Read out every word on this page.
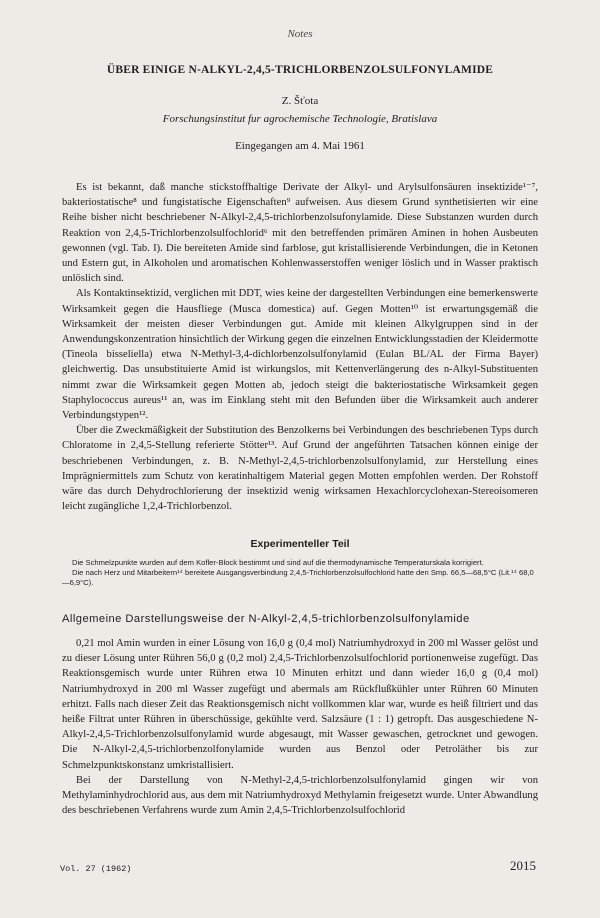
Notes
ÜBER EINIGE N-ALKYL-2,4,5-TRICHLORBENZOLSULFONYLAMIDE
Z. Šťota
Forschungsinstitut fur agrochemische Technologie, Bratislava
Eingegangen am 4. Mai 1961

Es ist bekannt, daß manche stickstoffhaltige Derivate der Alkyl- und Arylsulfonsäuren insektizide¹⁻⁷, bakteriostatische⁸ und fungistatische Eigenschaften⁹ aufweisen. Aus diesem Grund synthetisierten wir eine Reihe bisher nicht beschriebener N-Alkyl-2,4,5-trichlorbenzolsufonylamide. Diese Substanzen wurden durch Reaktion von 2,4,5-Trichlorbenzolsulfochlorid⁶ mit den betreffenden primären Aminen in hohen Ausbeuten gewonnen (vgl. Tab. I). Die bereiteten Amide sind farblose, gut kristallisierende Verbindungen, die in Ketonen und Estern gut, in Alkoholen und aromatischen Kohlenwasserstoffen weniger löslich und in Wasser praktisch unlöslich sind.

Als Kontaktinsektizid, verglichen mit DDT, wies keine der dargestellten Verbindungen eine bemerkenswerte Wirksamkeit gegen die Hausfliege (Musca domestica) auf. Gegen Motten¹⁰ ist erwartungsgemäß die Wirksamkeit der meisten dieser Verbindungen gut. Amide mit kleinen Alkylgruppen sind in der Anwendungskonzentration hinsichtlich der Wirkung gegen die einzelnen Entwicklungsstadien der Kleidermotte (Tineola bisseliella) etwa N-Methyl-3,4-dichlorbenzolsulfonylamid (Eulan BL/AL der Firma Bayer) gleichwertig. Das unsubstituierte Amid ist wirkungslos, mit Kettenverlängerung des n-Alkyl-Substituenten nimmt zwar die Wirksamkeit gegen Motten ab, jedoch steigt die bakteriostatische Wirksamkeit gegen Staphylococcus aureus¹¹ an, was im Einklang steht mit den Befunden über die Wirksamkeit auch anderer Verbindungstypen¹².

Über die Zweckmäßigkeit der Substitution des Benzolkerns bei Verbindungen des beschriebenen Typs durch Chloratome in 2,4,5-Stellung referierte Stötter¹³. Auf Grund der angeführten Tatsachen können einige der beschriebenen Verbindungen, z. B. N-Methyl-2,4,5-trichlorbenzolsulfonylamid, zur Herstellung eines Imprägniermittels zum Schutz von keratinhaltigem Material gegen Motten empfohlen werden. Der Rohstoff wäre das durch Dehydrochlorierung der insektizid wenig wirksamen Hexachlorcyclohexan-Stereoisomeren leicht zugängliche 1,2,4-Trichlorbenzol.

Experimenteller Teil

Die Schmelzpunkte wurden auf dem Kofler-Block bestimmt und sind auf die thermodynamische Temperaturskala korrigiert.

Die nach Herz und Mitarbeitern¹⁴ bereitete Ausgangsverbindung 2,4,5-Trichlorbenzolsulfochlorid hatte den Smp. 66,5—68,5°C (Lit.¹⁴ 68,0—6,9°C).

Allgemeine Darstellungsweise der N-Alkyl-2,4,5-trichlorbenzolsulfonylamide

0,21 mol Amin wurden in einer Lösung von 16,0 g (0,4 mol) Natriumhydroxyd in 200 ml Wasser gelöst und zu dieser Lösung unter Rühren 56,0 g (0,2 mol) 2,4,5-Trichlorbenzolsulfochlorid portionenweise zugefügt. Das Reaktionsgemisch wurde unter Rühren etwa 10 Minuten erhitzt und dann wieder 16,0 g (0,4 mol) Natriumhydroxyd in 200 ml Wasser zugefügt und abermals am Rückflußkühler unter Rühren 60 Minuten erhitzt. Falls nach dieser Zeit das Reaktionsgemisch nicht vollkommen klar war, wurde es heiß filtriert und das heiße Filtrat unter Rühren in überschüssige, gekühlte verd. Salzsäure (1 : 1) getropft. Das ausgeschiedene N-Alkyl-2,4,5-Trichlorbenzolsulfonylamid wurde abgesaugt, mit Wasser gewaschen, getrocknet und gewogen. Die N-Alkyl-2,4,5-trichlorbenzolfonylamide wurden aus Benzol oder Petroläther bis zur Schmelzpunktskonstanz umkristallisiert.

Bei der Darstellung von N-Methyl-2,4,5-trichlorbenzolsulfonylamid gingen wir von Methylaminhydrochlorid aus, aus dem mit Natriumhydroxyd Methylamin freigesetzt wurde. Unter Abwandlung des beschriebenen Verfahrens wurde zum Amin 2,4,5-Trichlorbenzolsulfochlorid

Vol. 27 (1962)	2015
